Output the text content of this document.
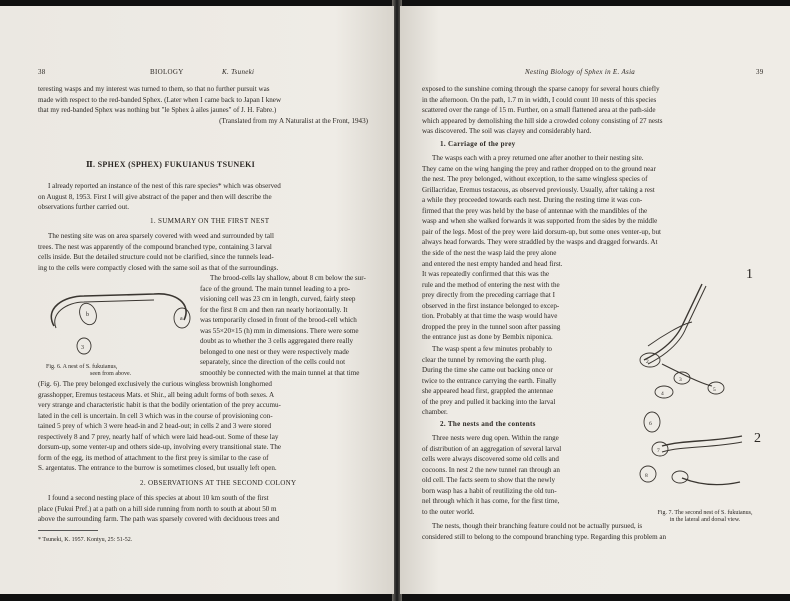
38	BIOLOGY	K. Tsuneki

teresting wasps and my interest was turned to them, so that no further pursuit was

made with respect to the red-banded Sphex. (Later when I came back to Japan I knew

that my red-banded Sphex was nothing but "le Sphex à ailes jaunes" of J. H. Fabre.)

(Translated from my A Naturalist at the Front, 1943)

Ⅱ. SPHEX (SPHEX) FUKUIANUS TSUNEKI

I already reported an instance of the nest of this rare species* which was observed

on August 8, 1953. First I will give abstract of the paper and then will describe the

observations further carried out.

1. SUMMARY ON THE FIRST NEST

The nesting site was on area sparsely covered with weed and surrounded by tall

trees. The nest was apparently of the compound branched type, containing 3 larval

cells inside. But the detailed structure could not be clarified, since the tunnels lead-

ing to the cells were compactly closed with the same soil as that of the surroundings.

The brood-cells lay shallow, about 8 cm below the sur-

face of the ground. The main tunnel leading to a pro-

visioning cell was 23 cm in length, curved, fairly steep

for the first 8 cm and then ran nearly horizontally. It

was temporarily closed in front of the brood-cell which

was 55×20×15 (h) mm in dimensions. There were some

doubt as to whether the 3 cells aggregated there really

belonged to one nest or they were respectively made

separately, since the direction of the cells could not

smoothly be connected with the main tunnel at that time

3
b
a
Fig. 6. A nest of S. fukuianus,
seen from above.

(Fig. 6). The prey belonged exclusively the curious wingless brownish longhorned

grasshopper, Eremus testaceus Mats. et Shir., all being adult forms of both sexes. A

very strange and characteristic habit is that the bodily orientation of the prey accumu-

lated in the cell is uncertain. In cell 3 which was in the course of provisioning con-

tained 5 prey of which 3 were head-in and 2 head-out; in cells 2 and 3 were stored

respectively 8 and 7 prey, nearly half of which were laid head-out. Some of these lay

dorsum-up, some venter-up and others side-up, involving every transitional state. The

form of the egg, its method of attachment to the first prey is similar to the case of

S. argentatus. The entrance to the burrow is sometimes closed, but usually left open.

2. OBSERVATIONS AT THE SECOND COLONY

I found a second nesting place of this species at about 10 km south of the first

place (Fukui Pref.) at a path on a hill side running from north to south at about 50 m

above the surrounding farm. The path was sparsely covered with deciduous trees and

* Tsuneki, K. 1957. Kontyu, 25: 51-52.
Nesting Biology of Sphex in E. Asia	39

exposed to the sunshine coming through the sparse canopy for several hours chiefly

in the afternoon. On the path, 1.7 m in width, I could count 10 nests of this species

scattered over the range of 15 m. Further, on a small flattened area at the path-side

which appeared by demolishing the hill side a crowded colony consisting of 27 nests

was discovered. The soil was clayey and considerably hard.

1. Carriage of the prey

The wasps each with a prey returned one after another to their nesting site.

They came on the wing hanging the prey and rather dropped on to the ground near

the nest. The prey belonged, without exception, to the same wingless species of

Grillacridae, Eremus testaceus, as observed previously. Usually, after taking a rest

a while they proceeded towards each nest. During the resting time it was con-

firmed that the prey was held by the base of antennae with the mandibles of the

wasp and when she walked forwards it was supported from the sides by the middle

pair of the legs. Most of the prey were laid dorsum-up, but some ones venter-up, but

always head forwards. They were straddled by the wasps and dragged forwards. At

the side of the nest the wasp laid the prey alone

and entered the nest empty handed and head first.

It was repeatedly confirmed that this was the

rule and the method of entering the nest with the

prey directly from the preceding carriage that I

observed in the first instance belonged to excep-

tion. Probably at that time the wasp would have

dropped the prey in the tunnel soon after passing

the entrance just as done by Bembix niponica.

The wasp spent a few minutes probably to

clear the tunnel by removing the earth plug.

During the time she came out backing once or

twice to the entrance carrying the earth. Finally

she appeared head first, grappled the antennae

of the prey and pulled it backing into the larval

chamber.

2. The nests and the contents

Three nests were dug open. Within the range

of distribution of an aggregation of several larval

cells were always discovered some old cells and

cocoons. In nest 2 the new tunnel ran through an

old cell. The facts seem to show that the newly

born wasp has a habit of reutilizing the old tun-

nel through which it has come, for the first time,

to the outer world.

1
2
3
4
5
2
6
7
8
Fig. 7. The second nest of S. fukuianus,
in the lateral and dorsal view.

The nests, though their branching feature could not be actually pursued, is

considered still to belong to the compound branching type. Regarding this problem an
